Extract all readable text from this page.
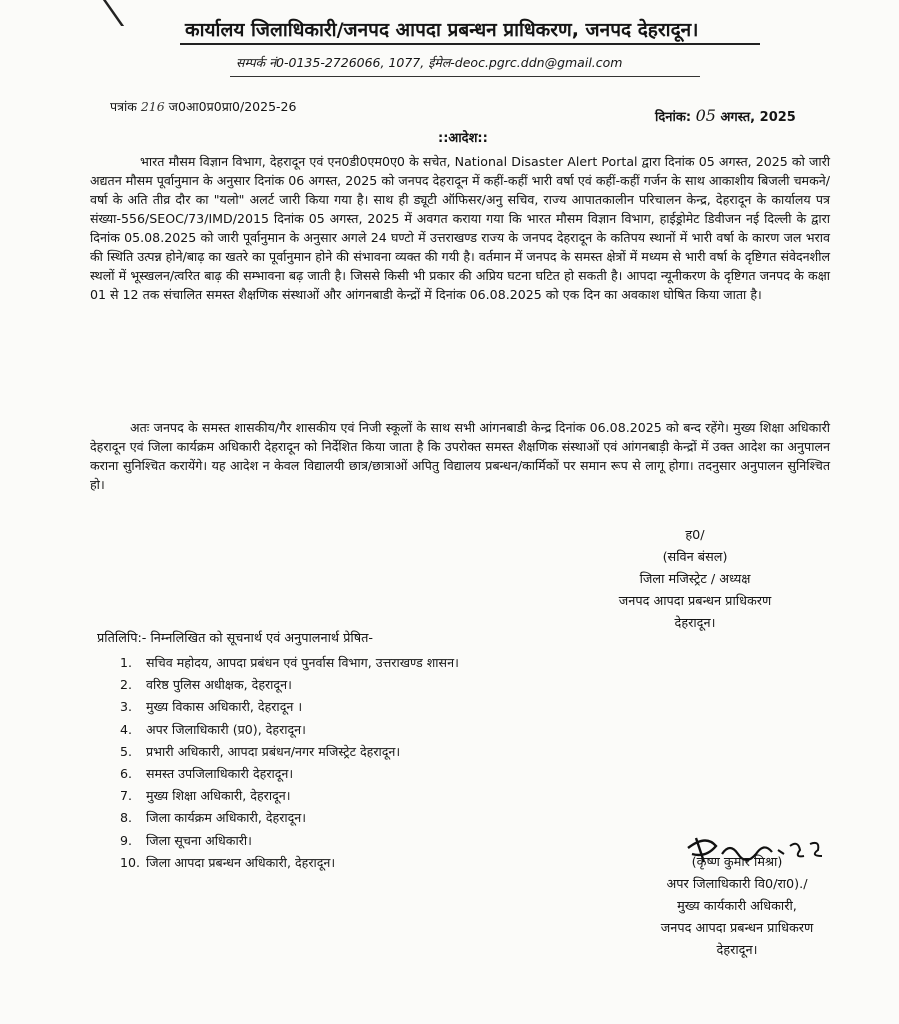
कार्यालय जिलाधिकारी/जनपद आपदा प्रबन्धन प्राधिकरण, जनपद देहरादून।
सम्पर्क नं0-0135-2726066, 1077, ईमेल-deoc.pgrc.ddn@gmail.com
पत्रांक 216 ज0आ0प्र0प्रा0/2025-26
दिनांक: 05 अगस्त, 2025
::आदेश::
भारत मौसम विज्ञान विभाग, देहरादून एवं एन0डी0एम0ए0 के सचेत, National Disaster Alert Portal द्वारा दिनांक 05 अगस्त, 2025 को जारी अद्यतन मौसम पूर्वानुमान के अनुसार दिनांक 06 अगस्त, 2025 को जनपद देहरादून में कहीं-कहीं भारी वर्षा एवं कहीं-कहीं गर्जन के साथ आकाशीय बिजली चमकने/वर्षा के अति तीव्र दौर का "यलो" अलर्ट जारी किया गया है। साथ ही ड्यूटी ऑफिसर/अनु सचिव, राज्य आपातकालीन परिचालन केन्द्र, देहरादून के कार्यालय पत्र संख्या-556/SEOC/73/IMD/2015 दिनांक 05 अगस्त, 2025 में अवगत कराया गया कि भारत मौसम विज्ञान विभाग, हाईड्रोमेट डिवीजन नई दिल्ली के द्वारा दिनांक 05.08.2025 को जारी पूर्वानुमान के अनुसार अगले 24 घण्टो में उत्तराखण्ड राज्य के जनपद देहरादून के कतिपय स्थानों में भारी वर्षा के कारण जल भराव की स्थिति उत्पन्न होने/बाढ़ का खतरे का पूर्वानुमान होने की संभावना व्यक्त की गयी है। वर्तमान में जनपद के समस्त क्षेत्रों में मध्यम से भारी वर्षा के दृष्टिगत संवेदनशील स्थलों में भूस्खलन/त्वरित बाढ़ की सम्भावना बढ़ जाती है। जिससे किसी भी प्रकार की अप्रिय घटना घटित हो सकती है। आपदा न्यूनीकरण के दृष्टिगत जनपद के कक्षा 01 से 12 तक संचालित समस्त शैक्षणिक संस्थाओं और आंगनबाडी केन्द्रों में दिनांक 06.08.2025 को एक दिन का अवकाश घोषित किया जाता है।
अतः जनपद के समस्त शासकीय/गैर शासकीय एवं निजी स्कूलों के साथ सभी आंगनबाडी केन्द्र दिनांक 06.08.2025 को बन्द रहेंगे। मुख्य शिक्षा अधिकारी देहरादून एवं जिला कार्यक्रम अधिकारी देहरादून को निर्देशित किया जाता है कि उपरोक्त समस्त शैक्षणिक संस्थाओं एवं आंगनबाड़ी केन्द्रों में उक्त आदेश का अनुपालन कराना सुनिश्चित करायेंगे। यह आदेश न केवल विद्यालयी छात्र/छात्राओं अपितु विद्यालय प्रबन्धन/कार्मिकों पर समान रूप से लागू होगा। तदनुसार अनुपालन सुनिश्चित हो।
ह0/
(सविन बंसल)
जिला मजिस्ट्रेट / अध्यक्ष
जनपद आपदा प्रबन्धन प्राधिकरण
देहरादून।
प्रतिलिपि:- निम्नलिखित को सूचनार्थ एवं अनुपालनार्थ प्रेषित-
1. सचिव महोदय, आपदा प्रबंधन एवं पुनर्वास विभाग, उत्तराखण्ड शासन।
2. वरिष्ठ पुलिस अधीक्षक, देहरादून।
3. मुख्य विकास अधिकारी, देहरादून ।
4. अपर जिलाधिकारी (प्र0), देहरादून।
5. प्रभारी अधिकारी, आपदा प्रबंधन/नगर मजिस्ट्रेट देहरादून।
6. समस्त उपजिलाधिकारी देहरादून।
7. मुख्य शिक्षा अधिकारी, देहरादून।
8. जिला कार्यक्रम अधिकारी, देहरादून।
9. जिला सूचना अधिकारी।
10. जिला आपदा प्रबन्धन अधिकारी, देहरादून।	(कृष्ण कुमार मिश्रा)
अपर जिलाधिकारी वि0/रा0)./
मुख्य कार्यकारी अधिकारी,
जनपद आपदा प्रबन्धन प्राधिकरण
देहरादून।
